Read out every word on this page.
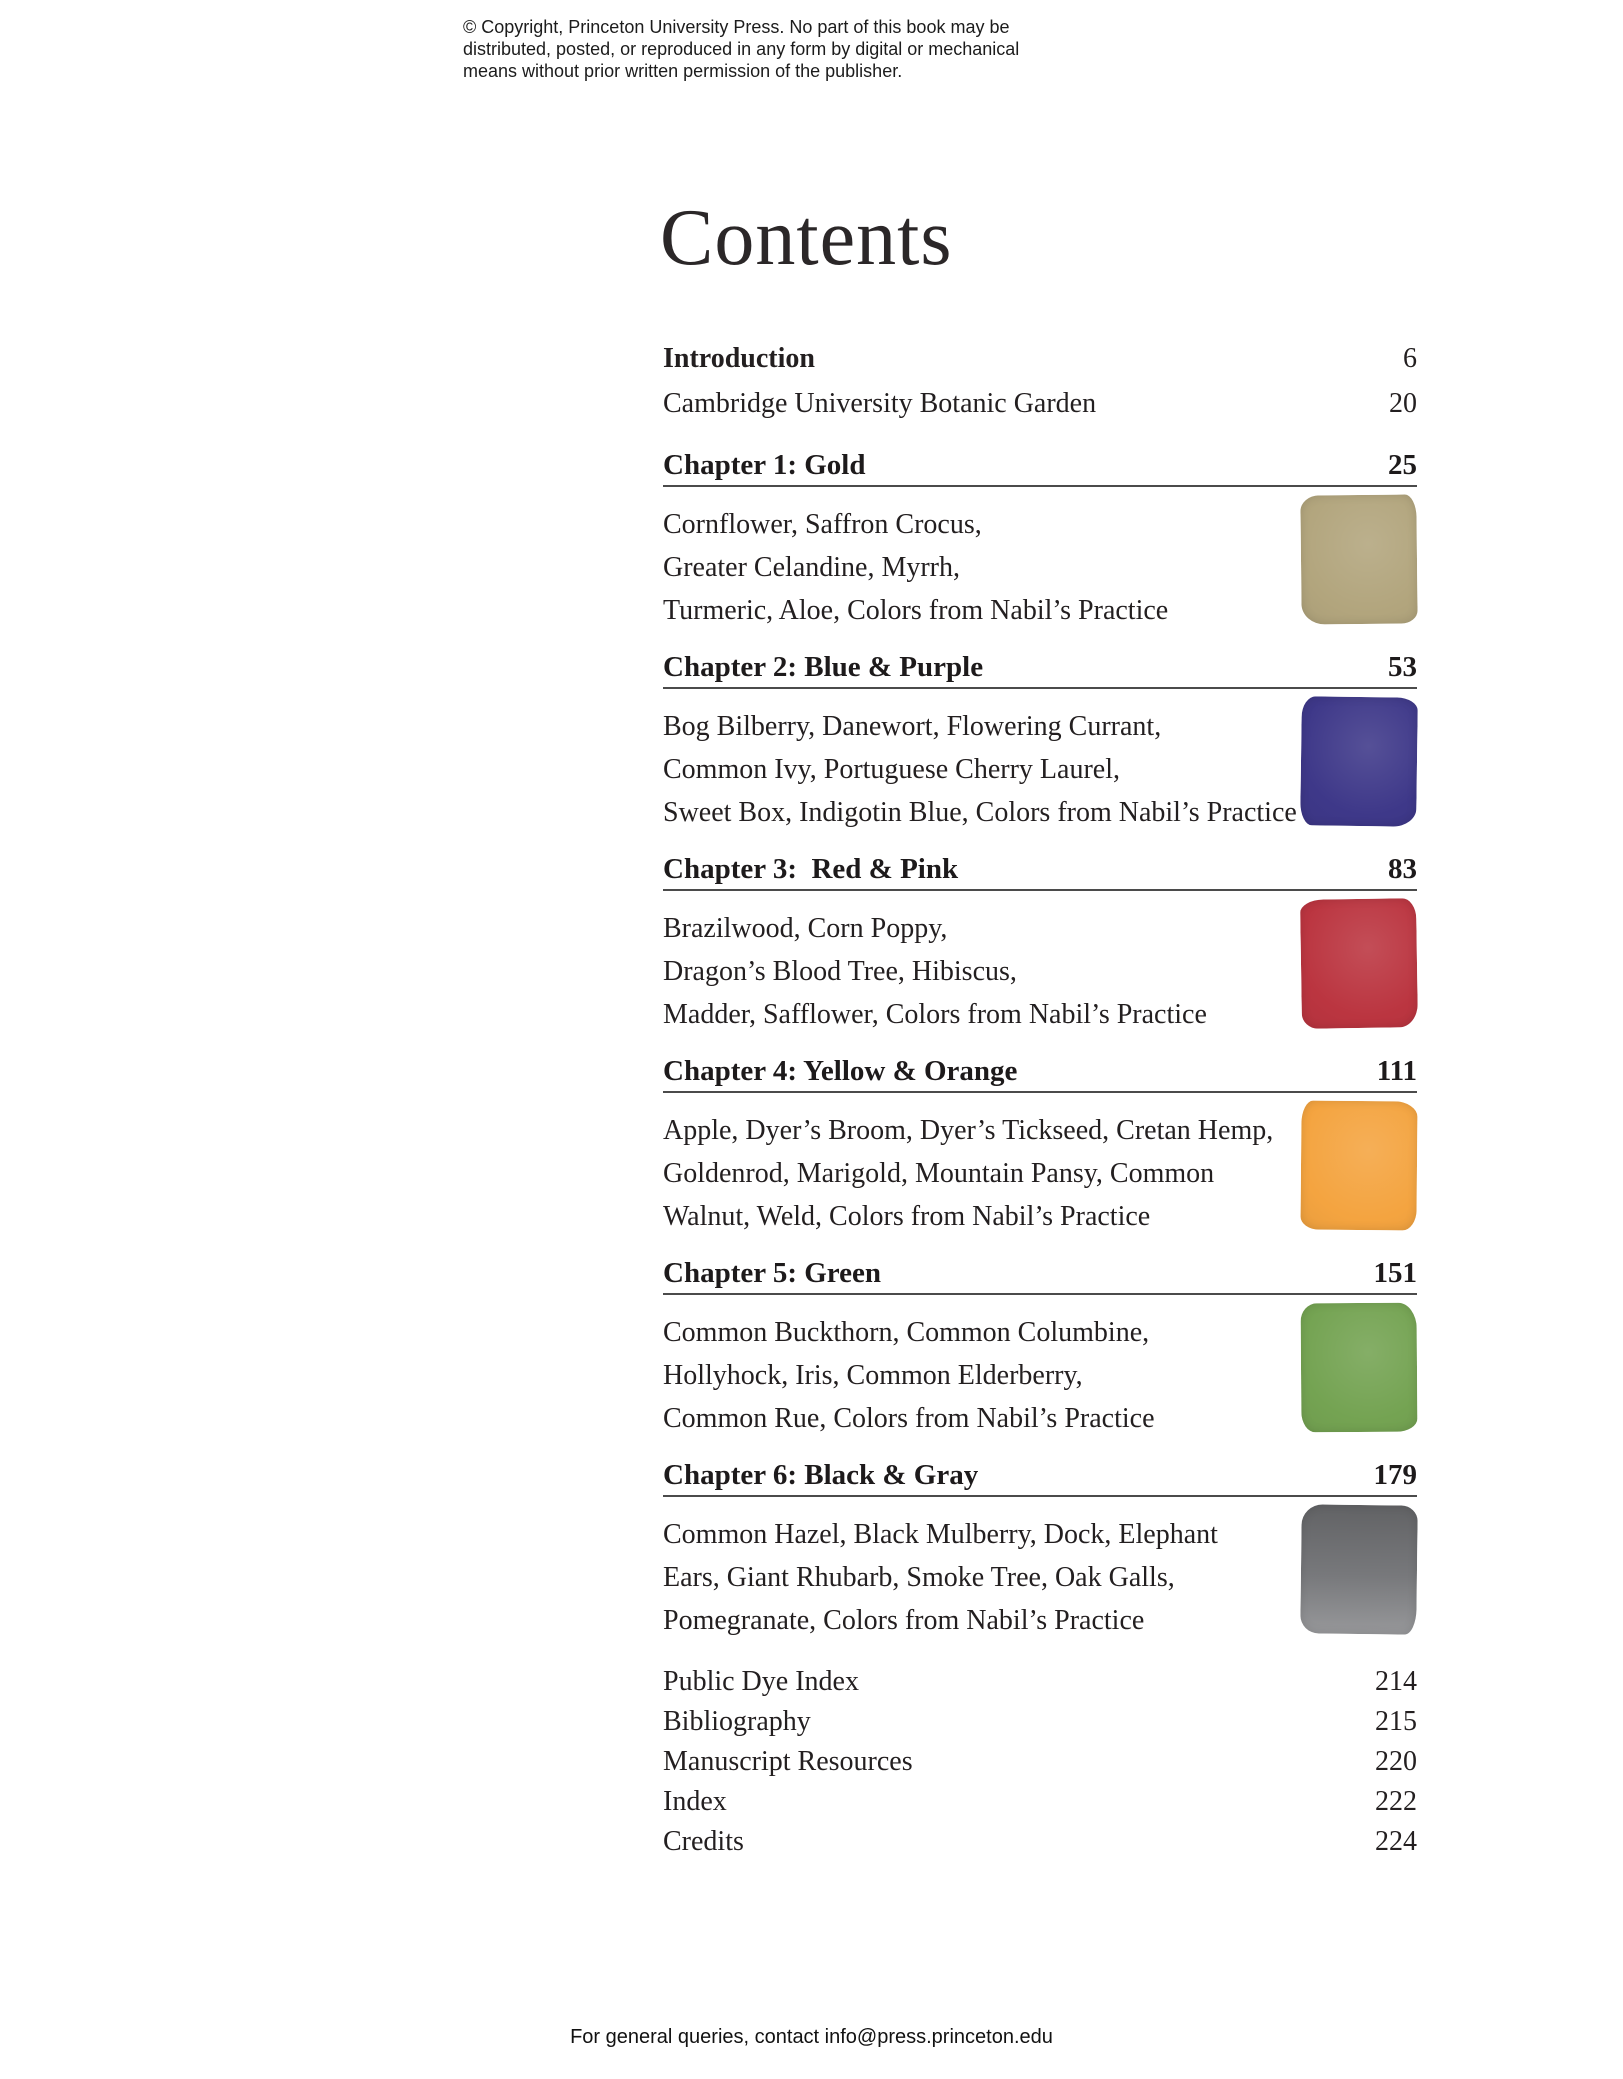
© Copyright, Princeton University Press. No part of this book may be
distributed, posted, or reproduced in any form by digital or mechanical
means without prior written permission of the publisher.
Contents
Introduction	6
Cambridge University Botanic Garden	20
Chapter 1: Gold	25
Cornflower, Saffron Crocus,
Greater Celandine, Myrrh,
Turmeric, Aloe, Colors from Nabil’s Practice
Chapter 2: Blue & Purple	53
Bog Bilberry, Danewort, Flowering Currant,
Common Ivy, Portuguese Cherry Laurel,
Sweet Box, Indigotin Blue, Colors from Nabil’s Practice
Chapter 3:  Red & Pink	83
Brazilwood, Corn Poppy,
Dragon’s Blood Tree, Hibiscus,
Madder, Safflower, Colors from Nabil’s Practice
Chapter 4: Yellow & Orange	111
Apple, Dyer’s Broom, Dyer’s Tickseed, Cretan Hemp,
Goldenrod, Marigold, Mountain Pansy, Common
Walnut, Weld, Colors from Nabil’s Practice
Chapter 5: Green	151
Common Buckthorn, Common Columbine,
Hollyhock, Iris, Common Elderberry,
Common Rue, Colors from Nabil’s Practice
Chapter 6: Black & Gray	179
Common Hazel, Black Mulberry, Dock, Elephant
Ears, Giant Rhubarb, Smoke Tree, Oak Galls,
Pomegranate, Colors from Nabil’s Practice
Public Dye Index	214
Bibliography	215
Manuscript Resources	220
Index	222
Credits	224
For general queries, contact info@press.princeton.edu
